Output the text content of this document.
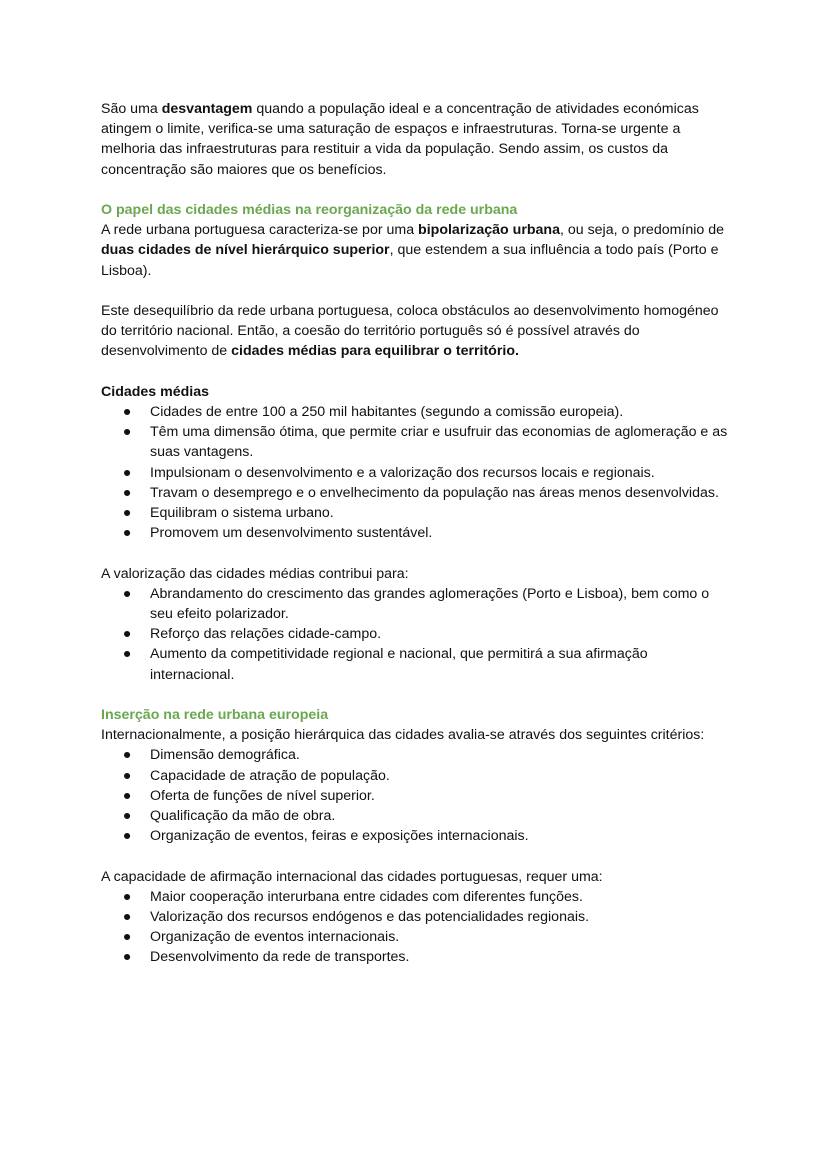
São uma desvantagem quando a população ideal e a concentração de atividades económicas atingem o limite, verifica-se uma saturação de espaços e infraestruturas. Torna-se urgente a melhoria das infraestruturas para restituir a vida da população. Sendo assim, os custos da concentração são maiores que os benefícios.

O papel das cidades médias na reorganização da rede urbana

A rede urbana portuguesa caracteriza-se por uma bipolarização urbana, ou seja, o predomínio de duas cidades de nível hierárquico superior, que estendem a sua influência a todo país (Porto e Lisboa).

Este desequilíbrio da rede urbana portuguesa, coloca obstáculos ao desenvolvimento homogéneo do território nacional. Então, a coesão do território português só é possível através do desenvolvimento de cidades médias para equilibrar o território.

Cidades médias
● Cidades de entre 100 a 250 mil habitantes (segundo a comissão europeia).
● Têm uma dimensão ótima, que permite criar e usufruir das economias de aglomeração e as suas vantagens.
● Impulsionam o desenvolvimento e a valorização dos recursos locais e regionais.
● Travam o desemprego e o envelhecimento da população nas áreas menos desenvolvidas.
● Equilibram o sistema urbano.
● Promovem um desenvolvimento sustentável.

A valorização das cidades médias contribui para:

● Abrandamento do crescimento das grandes aglomerações (Porto e Lisboa), bem como o seu efeito polarizador.
● Reforço das relações cidade-campo.
● Aumento da competitividade regional e nacional, que permitirá a sua afirmação internacional.
Inserção na rede urbana europeia

Internacionalmente, a posição hierárquica das cidades avalia-se através dos seguintes critérios:

● Dimensão demográfica.
● Capacidade de atração de população.
● Oferta de funções de nível superior.
● Qualificação da mão de obra.
● Organização de eventos, feiras e exposições internacionais.

A capacidade de afirmação internacional das cidades portuguesas, requer uma:

● Maior cooperação interurbana entre cidades com diferentes funções.
● Valorização dos recursos endógenos e das potencialidades regionais.
● Organização de eventos internacionais.
● Desenvolvimento da rede de transportes.
